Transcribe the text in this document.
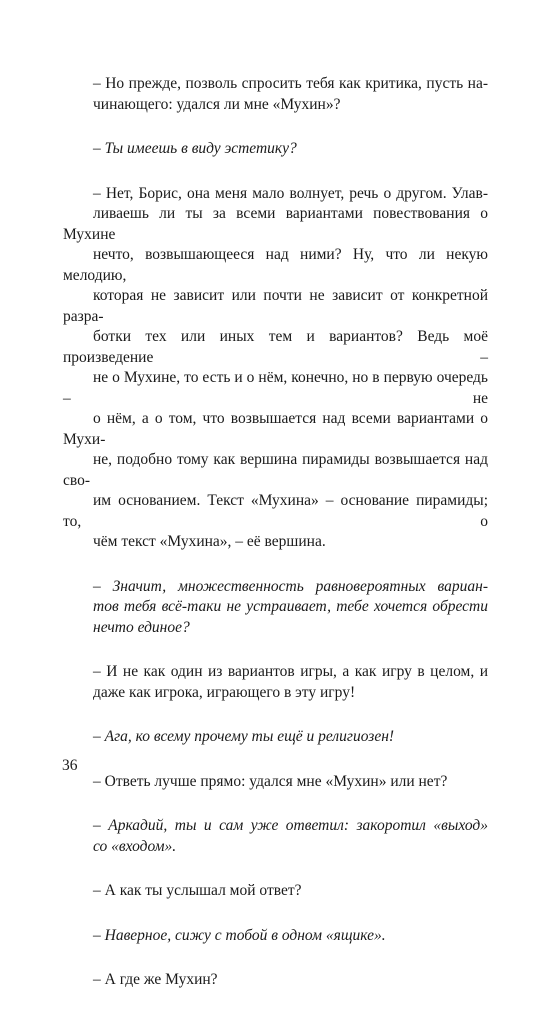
– Но прежде, позволь спросить тебя как критика, пусть на-
чинающего: удался ли мне «Мухин»?

– Ты имеешь в виду эстетику?

– Нет, Борис, она меня мало волнует, речь о другом. Улав-
ливаешь ли ты за всеми вариантами повествования о Мухине
нечто, возвышающееся над ними? Ну, что ли некую мелодию,
которая не зависит или почти не зависит от конкретной разра-
ботки тех или иных тем и вариантов? Ведь моё произведение –
не о Мухине, то есть и о нём, конечно, но в первую очередь – не
о нём, а о том, что возвышается над всеми вариантами о Мухи-
не, подобно тому как вершина пирамиды возвышается над сво-
им основанием. Текст «Мухина» – основание пирамиды; то, о
чём текст «Мухина», – её вершина.

– Значит, множественность равновероятных вариан-
тов тебя всё-таки не устраивает, тебе хочется обрести
нечто единое?

– И не как один из вариантов игры, а как игру в целом, и
даже как игрока, играющего в эту игру!

– Ага, ко всему прочему ты ещё и религиозен!

– Ответь лучше прямо: удался мне «Мухин» или нет?

– Аркадий, ты и сам уже ответил: закоротил «выход»
со «входом».

– А как ты услышал мой ответ?

– Наверное, сижу с тобой в одном «ящике».

– А где же Мухин?

36
